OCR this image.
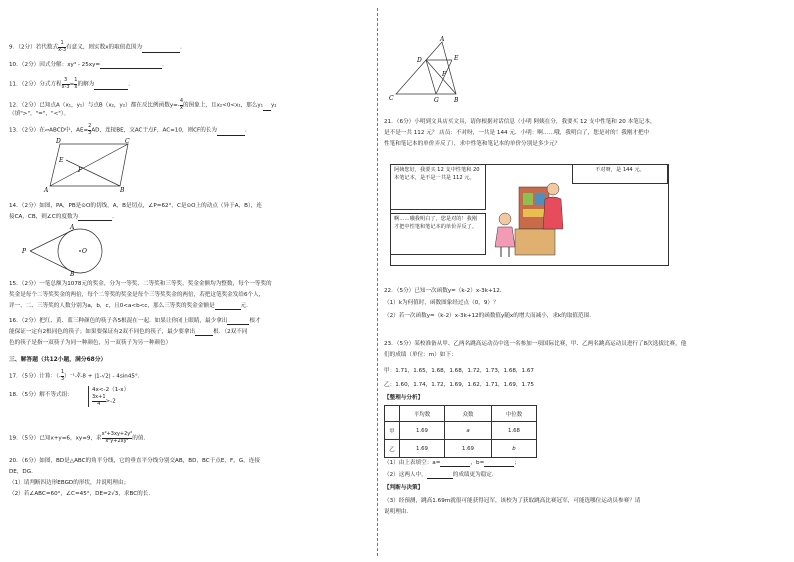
9．（2分）若代数式 $\frac{1}{x-3}$ 有意义，则实数x的取值范围为	．
10．（2分）因式分解：xy³ - 25xy=	．
11．（2分）分式方程 $\frac{3}{x-3} = \frac{1}{x}$ 的解为	．
12．（2分）已知点A（x₁，y₁）与点B（x₂，y₂）都在反比例函数$y=- \frac{4}{x}$ 的图象上，且x₂<0<x₁，那么y₁ y₂
（填">"，"="，"<"）。
13．（2分）在▱ABCD中，$AE= \frac{2}{3}$ AD，连接BE，交AC于点F，AC=10，则CF的长为	．
A	B
C
D
E
F
14．（2分）如图，PA，PB是⊙O的切线，A，B是切点，∠P=62°，C是⊙O上的动点（异于A，B），连
接CA，CB，则∠C的度数为	．
A
P
B
O
15．（2分）一笔总额为1078元的奖金，分为一等奖、二等奖和三等奖，奖金金额均为整数，每个一等奖的
奖金是每个二等奖奖金的两倍，每个二等奖的奖金是每个三等奖奖金的两倍，若把这笔奖金发给6个人，
评一、二、三等奖的人数分别为a，b，c，且0<a<b<c，那么三等奖的奖金金额是	元．
16．（2分）把红、黄、蓝三种颜色的筷子各5根混在一起．如果让你闭上眼睛，最少拿出	根才
能保证一定有2根同色的筷子；如果要保证有2双不同色的筷子，最少要拿出	根．（2双不同
色的筷子是指一双筷子为同一种颜色，另一双筷子为另一种颜色）
三、解答题（共12小题，满分68分）
17．（5分）计算：（- $\frac{1}{3}$ ）⁻¹-∛-8 + |1-√2| - 4sin45°．
18．（5分）解不等式组：
4x<-2（1-x）
$\frac{3x+1}{4} >-2$
19．（5分）已知x+y=6，xy=9，求 $\frac{\text{x²+3xy+2y²}}{\text{x²y+2xy²}}$ 的值．
20．（6分）如图，BD是△ABC的角平分线，它的垂直平分线分别交AB，BD，BC于点E，F，G，连接
DE，DG．
（1）请判断四边形EBGD的形状，并说明理由；
（2）若∠ABC=60°，∠C=45°，DE=2√3，求BC的长．
A
D	E
F
C	G	B
21．（6分）小明到文具店买文具，请你根据对话信息（小明 阿姨在分，我要买 12 支中性笔和 20 本笔记本，
是不是一共 112 元？ 店员：不对呀，一共是 144 元．小明：啊……哦，我明白了，您是对的！我刚才把中
性笔和笔记本的单价弄反了），求中性笔和笔记本的单价分别是多少元？
阿姨您好，我要买 12 支中性笔和 20 本笔记本，是不是一共是 112 元。
啊……哦我明白了，您是对的！我刚才把中性笔和笔记本的单价弄反了。
不对呀，是 144 元。
22．（5分）已知一次函数y=（k-2）x-3k+12．
（1）k为何值时，函数图象经过点（0，9）？
（2）若一次函数y=（k-2）x-3k+12的函数值y随x的增大而减小，求k的取值范围．
23．（5分）某校准备从甲、乙两名跳高运动员中选一名参加一项国际比赛，甲、乙两名跳高运动员进行了8次选拔比赛，他
们的成绩（单位：m）如下：
甲：1.71，1.65，1.68，1.68，1.72，1.73，1.68，1.67
乙：1.60，1.74，1.72，1.69，1.62，1.71，1.69，1.75
【整理与分析】
	平均数	众数	中位数
甲	1.69	a	1.68
乙	1.69	1.69	b
（1）由上表填空：a=	，b=	；
（2）这两人中，	的成绩更为稳定．
【判断与决策】
（3）经预测，跳高1.69m就很可能获得冠军，该校为了获取跳高比赛冠军，可能选哪位运动员参赛？请
说明理由．
